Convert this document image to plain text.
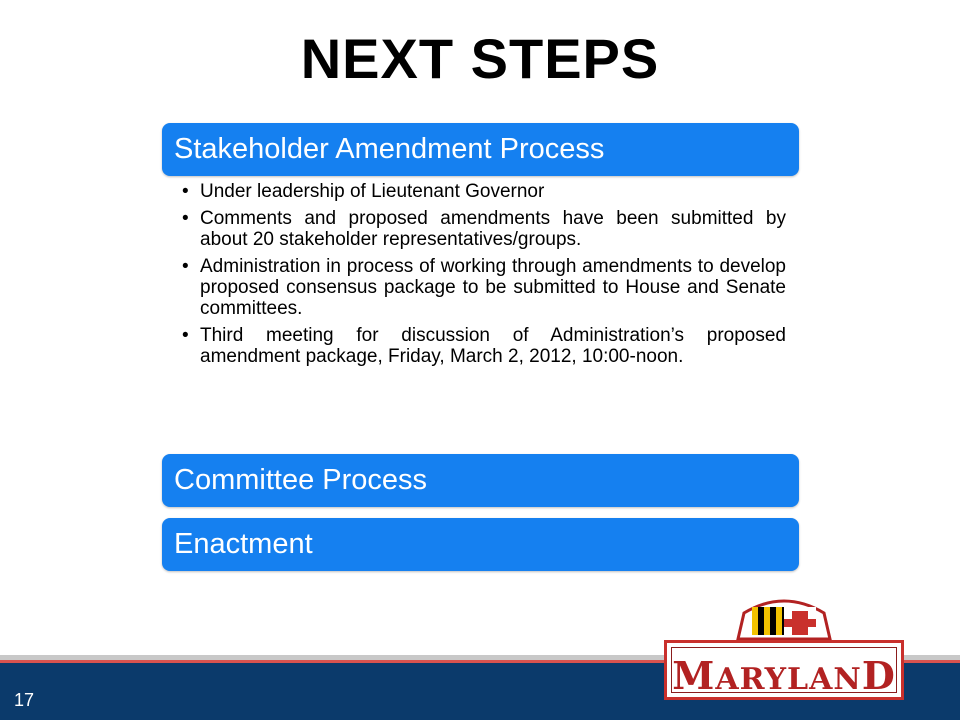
NEXT STEPS
Stakeholder Amendment Process
• Under leadership of Lieutenant Governor
• Comments and proposed amendments have been submitted by about 20 stakeholder representatives/groups.
• Administration in process of working through amendments to develop proposed consensus package to be submitted to House and Senate committees.
• Third meeting for discussion of Administration’s proposed amendment package, Friday, March 2, 2012, 10:00-noon.
Committee Process
Enactment
17
MARYLAND
